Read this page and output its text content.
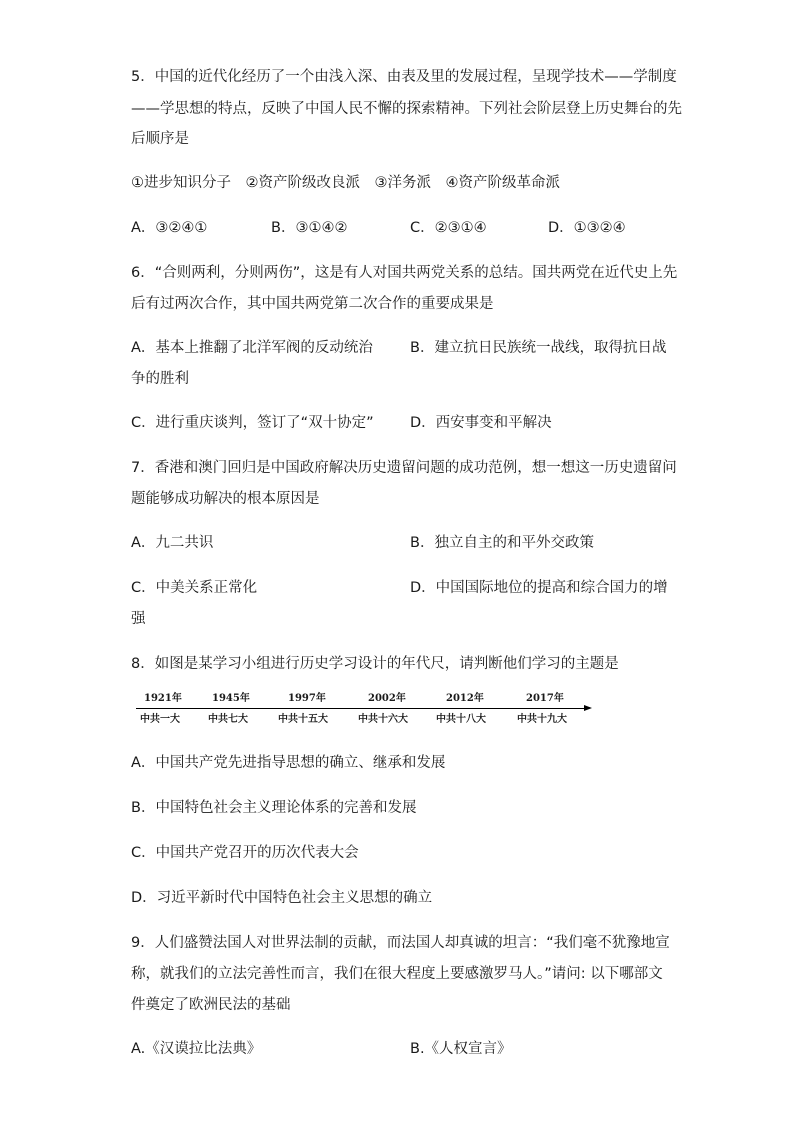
5．中国的近代化经历了一个由浅入深、由表及里的发展过程，呈现学技术——学制度
——学思想的特点，反映了中国人民不懈的探索精神。下列社会阶层登上历史舞台的先
后顺序是
①进步知识分子　②资产阶级改良派　③洋务派　④资产阶级革命派
A．③②④①	B．③①④②	C．②③①④	D．①③②④
6．“合则两利，分则两伤”，这是有人对国共两党关系的总结。国共两党在近代史上先
后有过两次合作，其中国共两党第二次合作的重要成果是
A．基本上推翻了北洋军阀的反动统治	B．建立抗日民族统一战线，取得抗日战
争的胜利
C．进行重庆谈判，签订了“双十协定”	D．西安事变和平解决
7．香港和澳门回归是中国政府解决历史遗留问题的成功范例，想一想这一历史遗留问
题能够成功解决的根本原因是
A．九二共识	B．独立自主的和平外交政策
C．中美关系正常化	D．中国国际地位的提高和综合国力的增
强
8．如图是某学习小组进行历史学习设计的年代尺，请判断他们学习的主题是
1921年
中共一大
1945年
中共七大
1997年
中共十五大
2002年
中共十六大
2012年
中共十八大
2017年
中共十九大
A．中国共产党先进指导思想的确立、继承和发展
B．中国特色社会主义理论体系的完善和发展
C．中国共产党召开的历次代表大会
D．习近平新时代中国特色社会主义思想的确立
9．人们盛赞法国人对世界法制的贡献，而法国人却真诚的坦言：“我们毫不犹豫地宣
称，就我们的立法完善性而言，我们在很大程度上要感激罗马人。”请问: 以下哪部文
件奠定了欧洲民法的基础
A.《汉谟拉比法典》	B.《人权宣言》
